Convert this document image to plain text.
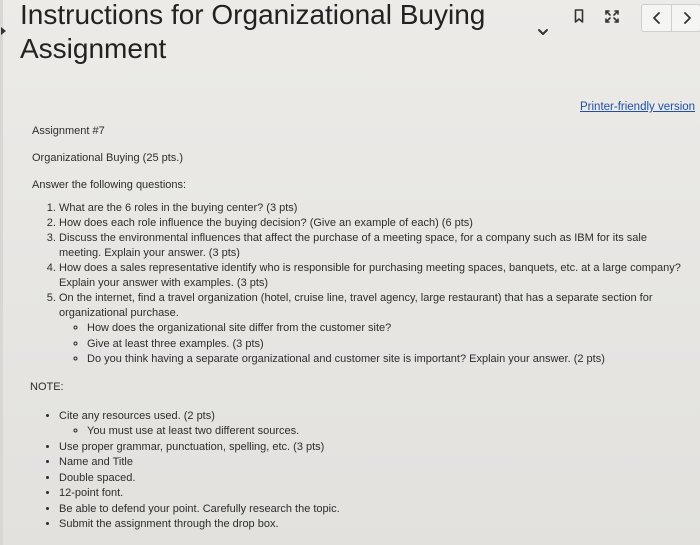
Instructions for Organizational Buying Assignment
Printer-friendly version

Assignment #7

Organizational Buying (25 pts.)

Answer the following questions:

1. What are the 6 roles in the buying center? (3 pts)
2. How does each role influence the buying decision? (Give an example of each) (6 pts)
3. Discuss the environmental influences that affect the purchase of a meeting space, for a company such as IBM for its sale meeting. Explain your answer. (3 pts)
4. How does a sales representative identify who is responsible for purchasing meeting spaces, banquets, etc. at a large company? Explain your answer with examples. (3 pts)
5. On the internet, find a travel organization (hotel, cruise line, travel agency, large restaurant) that has a separate section for organizational purchase.
◦ How does the organizational site differ from the customer site?
◦ Give at least three examples. (3 pts)
◦ Do you think having a separate organizational and customer site is important? Explain your answer. (2 pts)

NOTE:

• Cite any resources used. (2 pts)
◦ You must use at least two different sources.
• Use proper grammar, punctuation, spelling, etc. (3 pts)
• Name and Title
• Double spaced.
• 12-point font.
• Be able to defend your point. Carefully research the topic.
• Submit the assignment through the drop box.
